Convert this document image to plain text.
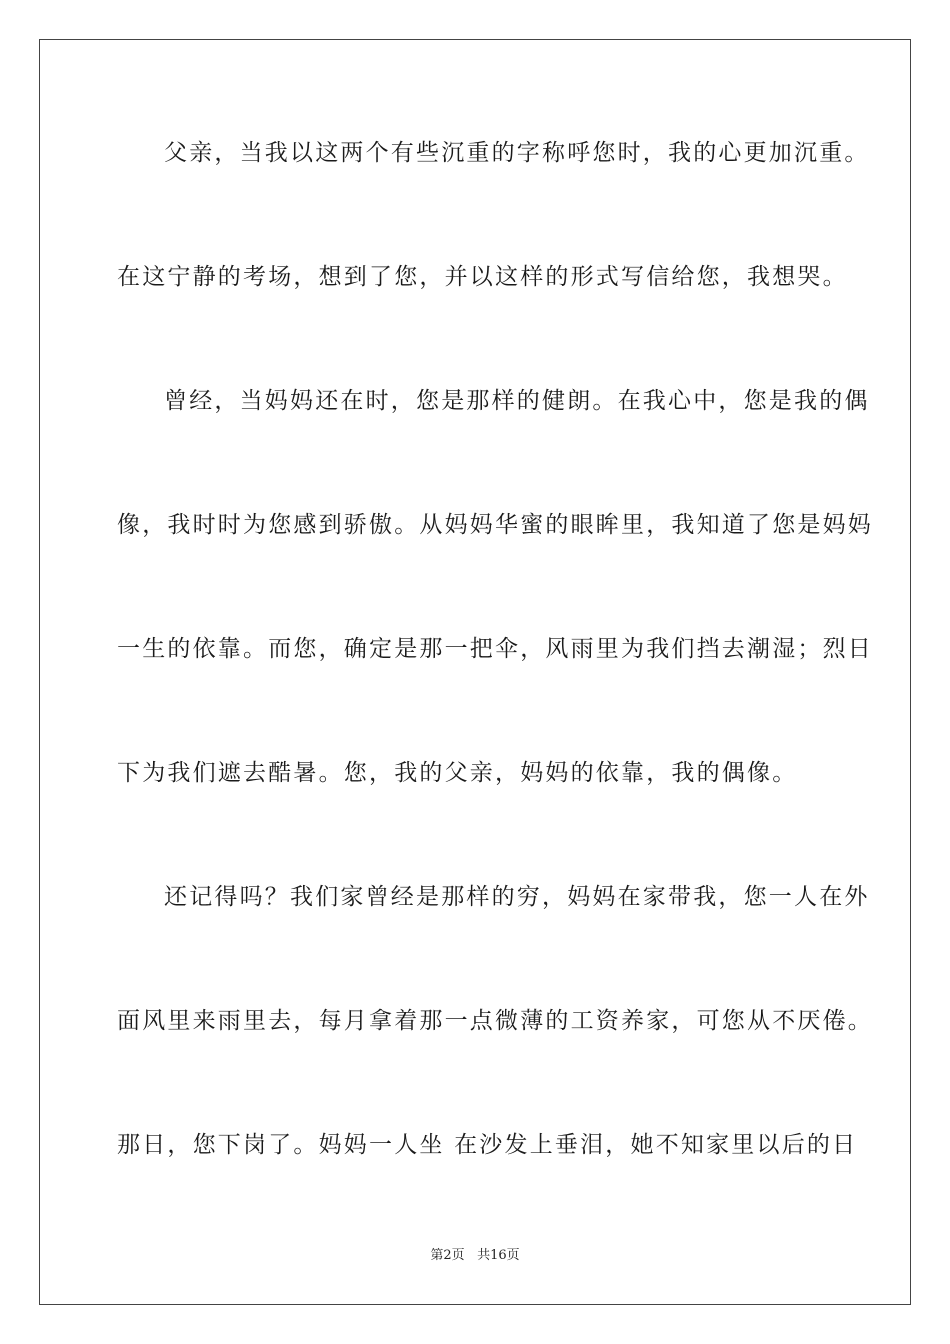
父亲，当我以这两个有些沉重的字称呼您时，我的心更加沉重。
在这宁静的考场，想到了您，并以这样的形式写信给您，我想哭。
曾经，当妈妈还在时，您是那样的健朗。在我心中，您是我的偶
像，我时时为您感到骄傲。从妈妈华蜜的眼眸里，我知道了您是妈妈
一生的依靠。而您，确定是那一把伞，风雨里为我们挡去潮湿；烈日
下为我们遮去酷暑。您，我的父亲，妈妈的依靠，我的偶像。
还记得吗？我们家曾经是那样的穷，妈妈在家带我，您一人在外
面风里来雨里去，每月拿着那一点微薄的工资养家，可您从不厌倦。
那日，您下岗了。妈妈一人坐 在沙发上垂泪，她不知家里以后的日
第2页 共16页
